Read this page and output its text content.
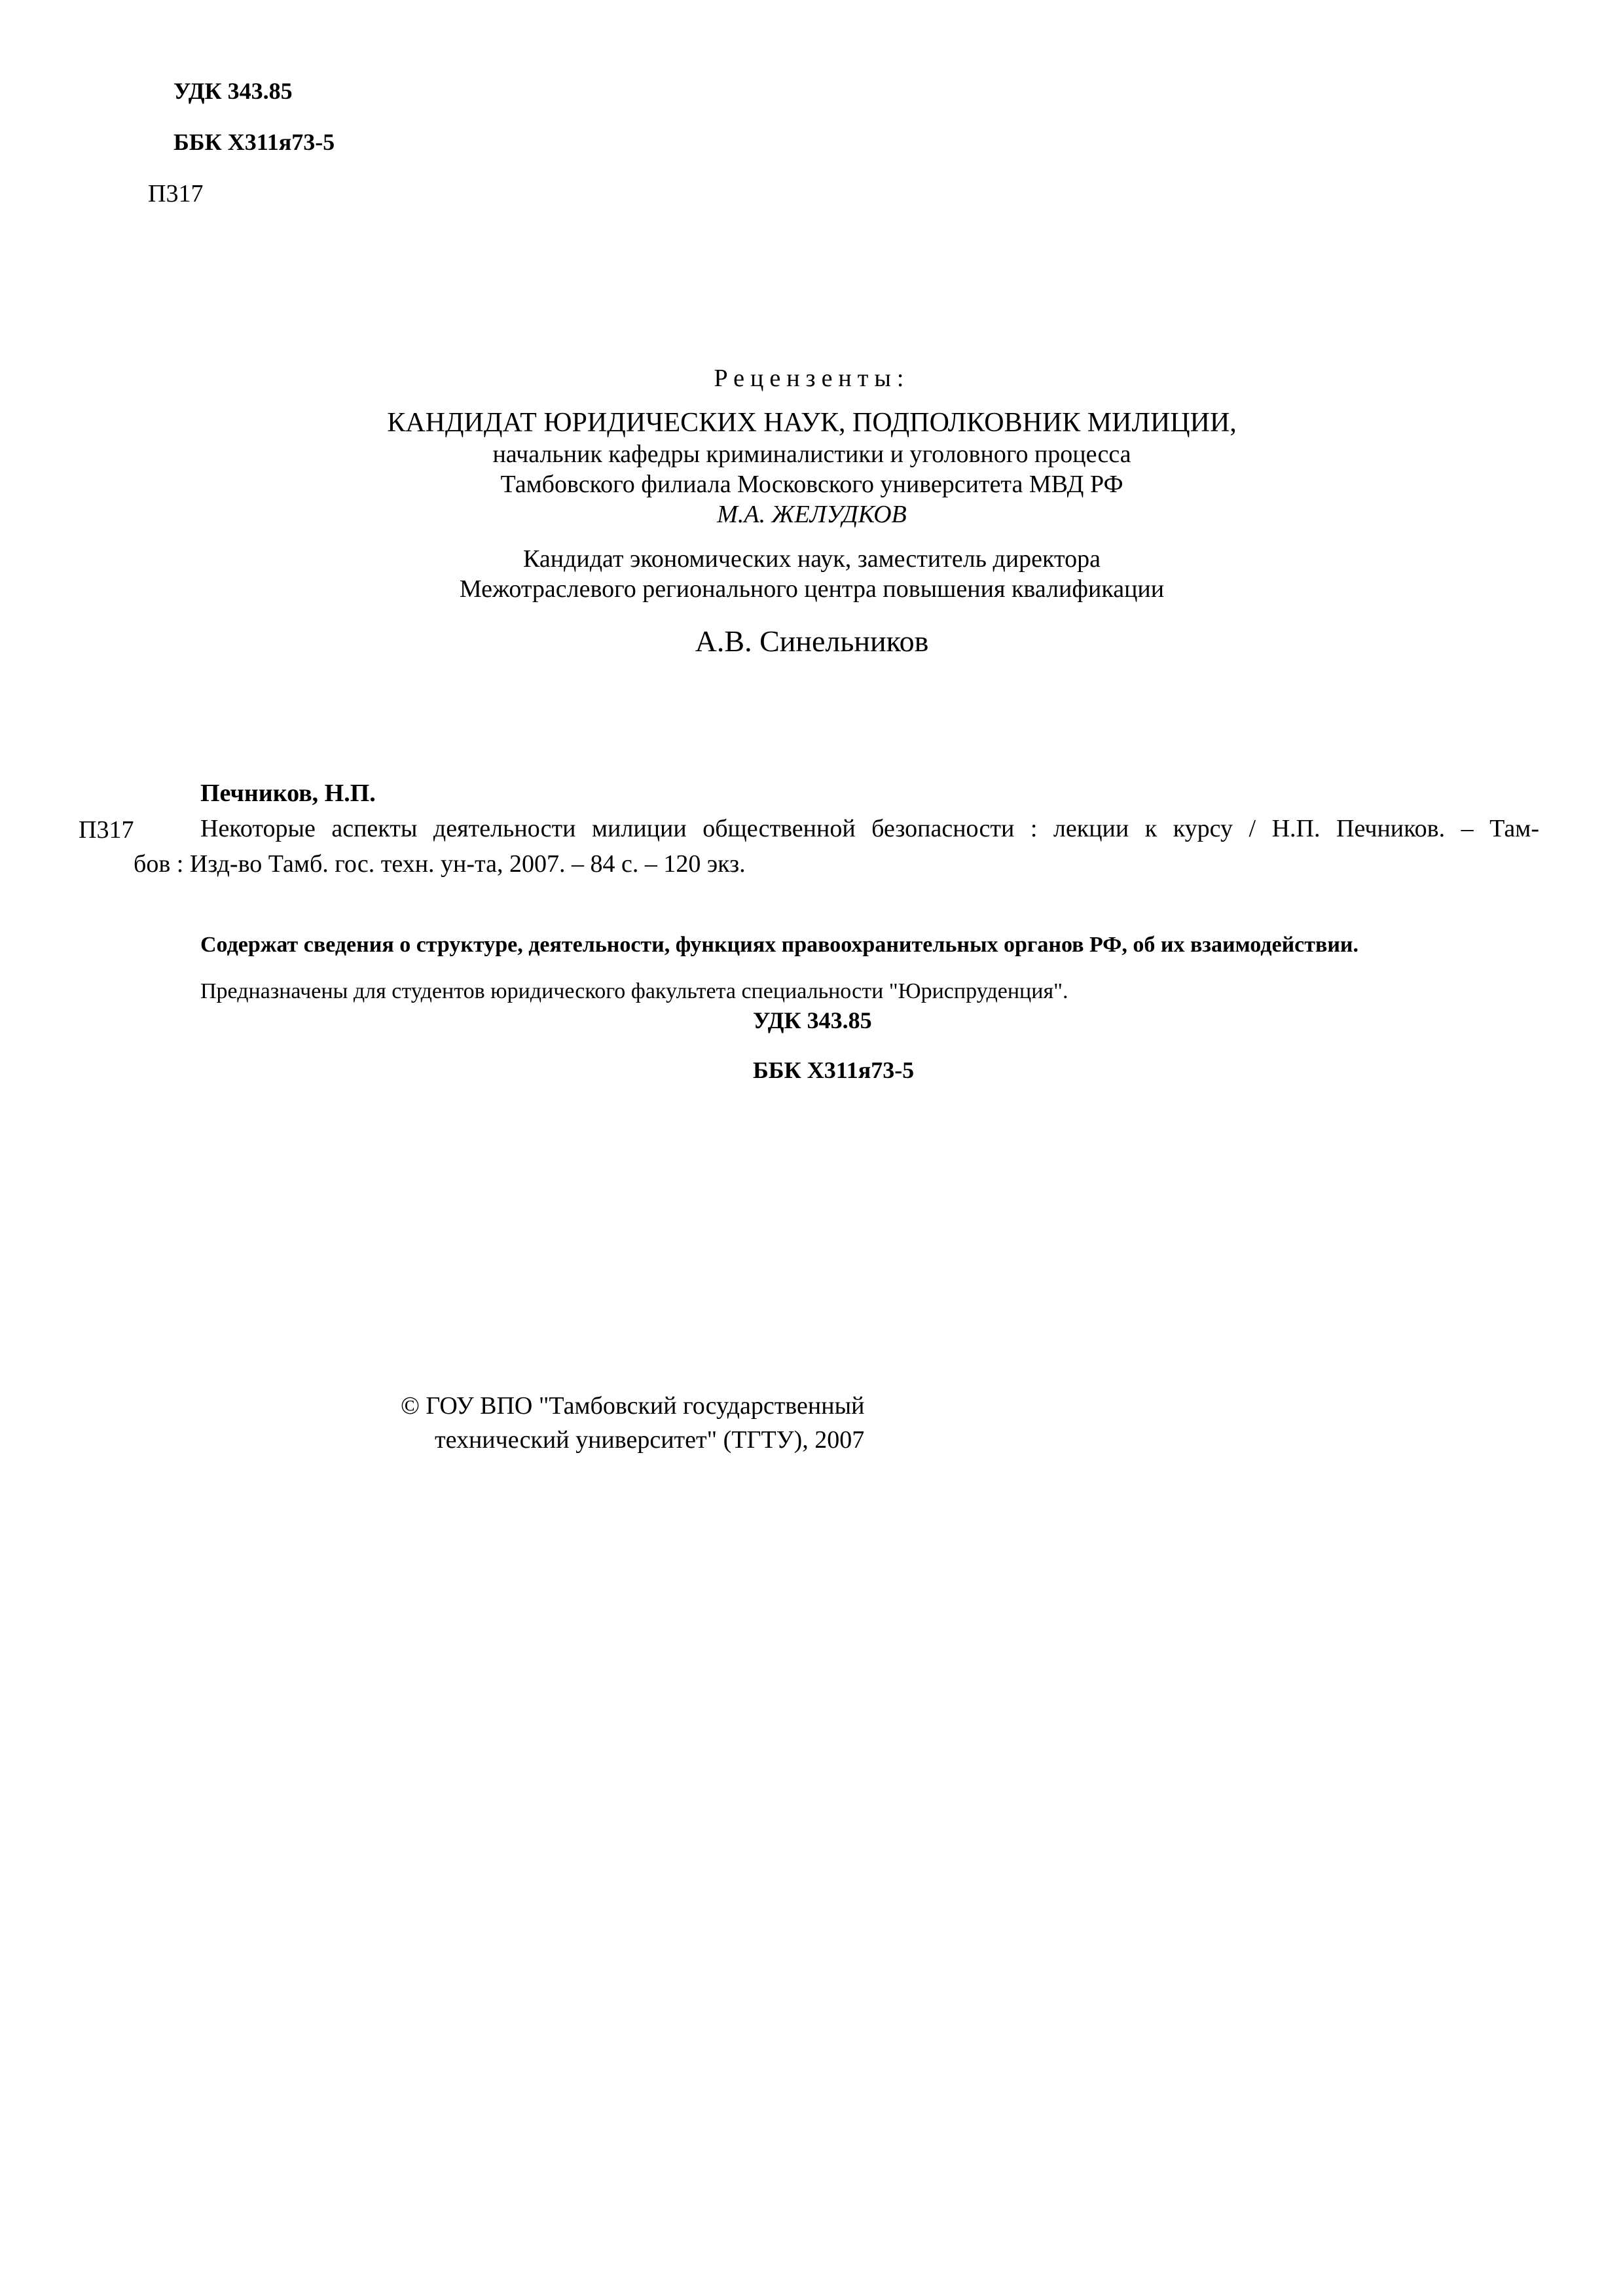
УДК 343.85
ББК Х311я73-5
П317
Рецензенты:
КАНДИДАТ ЮРИДИЧЕСКИХ НАУК, ПОДПОЛКОВНИК МИЛИЦИИ,
начальник кафедры криминалистики и уголовного процесса
Тамбовского филиала Московского университета МВД РФ
М.А. ЖЕЛУДКОВ
Кандидат экономических наук, заместитель директора
Межотраслевого регионального центра повышения квалификации
А.В. Синельников
Печников, Н.П.
П317	Некоторые аспекты деятельности милиции общественной безопасности : лекции к курсу / Н.П. Печников. – Там-
бов : Изд-во Тамб. гос. техн. ун-та, 2007. – 84 с. – 120 экз.
Содержат сведения о структуре, деятельности, функциях правоохранительных органов РФ, об их взаимодействии.
Предназначены для студентов юридического факультета специальности "Юриспруденция".
УДК 343.85
ББК Х311я73-5
© ГОУ ВПО "Тамбовский государственный
технический университет" (ТГТУ), 2007
